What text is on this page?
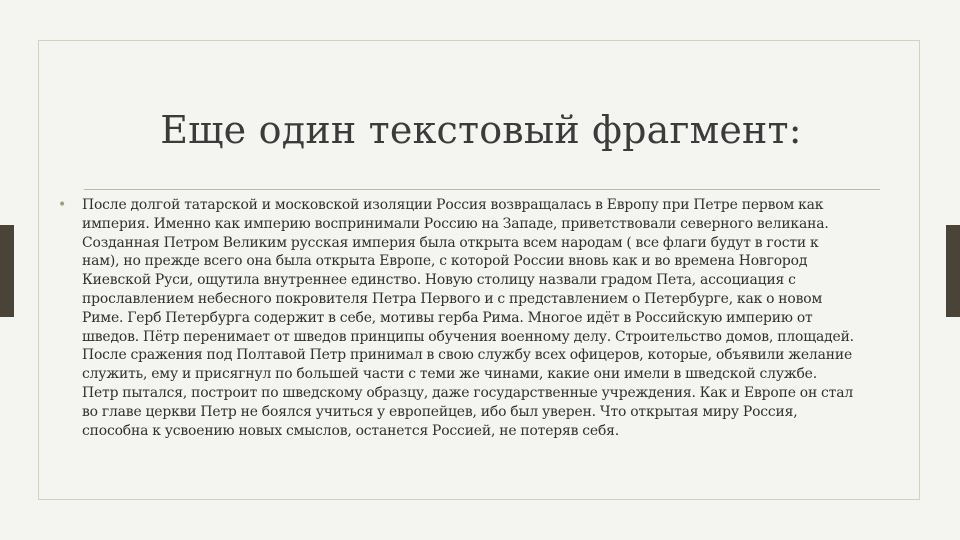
Еще один текстовый фрагмент:
• После долгой татарской и московской изоляции Россия возвращалась в Европу при Петре первом как империя. Именно как империю воспринимали Россию на Западе, приветствовали северного великана. Созданная Петром Великим русская империя была открыта всем народам ( все флаги будут в гости к нам), но прежде всего она была открыта Европе, с которой России вновь как и во времена Новгород Киевской Руси, ощутила внутреннее единство. Новую столицу назвали градом Пета, ассоциация с прославлением небесного покровителя Петра Первого и с представлением о Петербурге, как о новом Риме. Герб Петербурга содержит в себе, мотивы герба Рима. Многое идёт в Российскую империю от шведов. Пётр перенимает от шведов принципы обучения военному делу. Строительство домов, площадей. После сражения под Полтавой Петр принимал в свою службу всех офицеров, которые, объявили желание служить, ему и присягнул по большей части с теми же чинами, какие они имели в шведской службе. Петр пытался, построит по шведскому образцу, даже государственные учреждения. Как и Европе он стал во главе церкви Петр не боялся учиться у европейцев, ибо был уверен. Что открытая миру Россия, способна к усвоению новых смыслов, останется Россией, не потеряв себя.
